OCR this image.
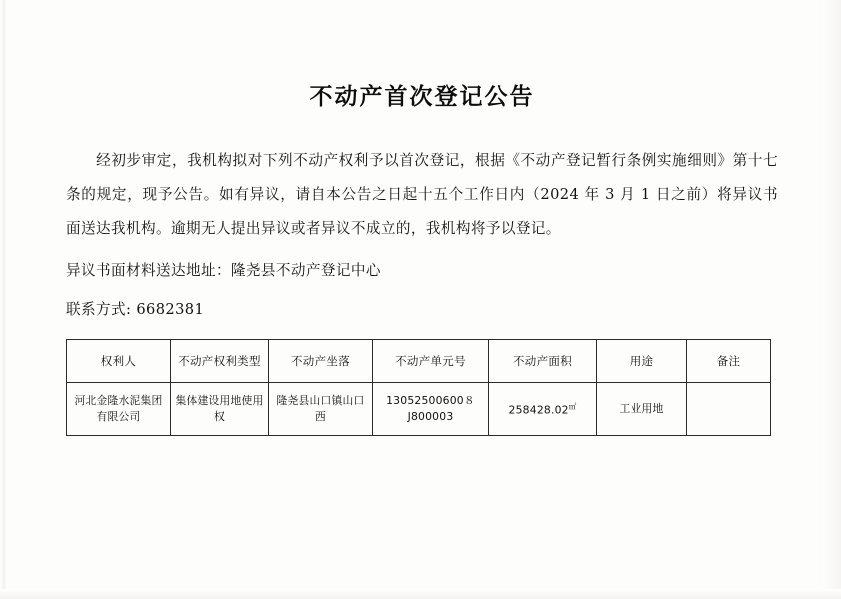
不动产首次登记公告
经初步审定，我机构拟对下列不动产权利予以首次登记，根据《不动产登记暂行条例实施细则》第十七条的规定，现予公告。如有异议，请自本公告之日起十五个工作日内（2024 年 3 月 1 日之前）将异议书面送达我机构。逾期无人提出异议或者异议不成立的，我机构将予以登记。
异议书面材料送达地址：隆尧县不动产登记中心
联系方式: 6682381
权利人	不动产权利类型	不动产坐落	不动产单元号	不动产面积	用途	备注
河北金隆水泥集团有限公司	集体建设用地使用权	隆尧县山口镇山口西	13052500600８J800003	258428.02㎡	工业用地	
